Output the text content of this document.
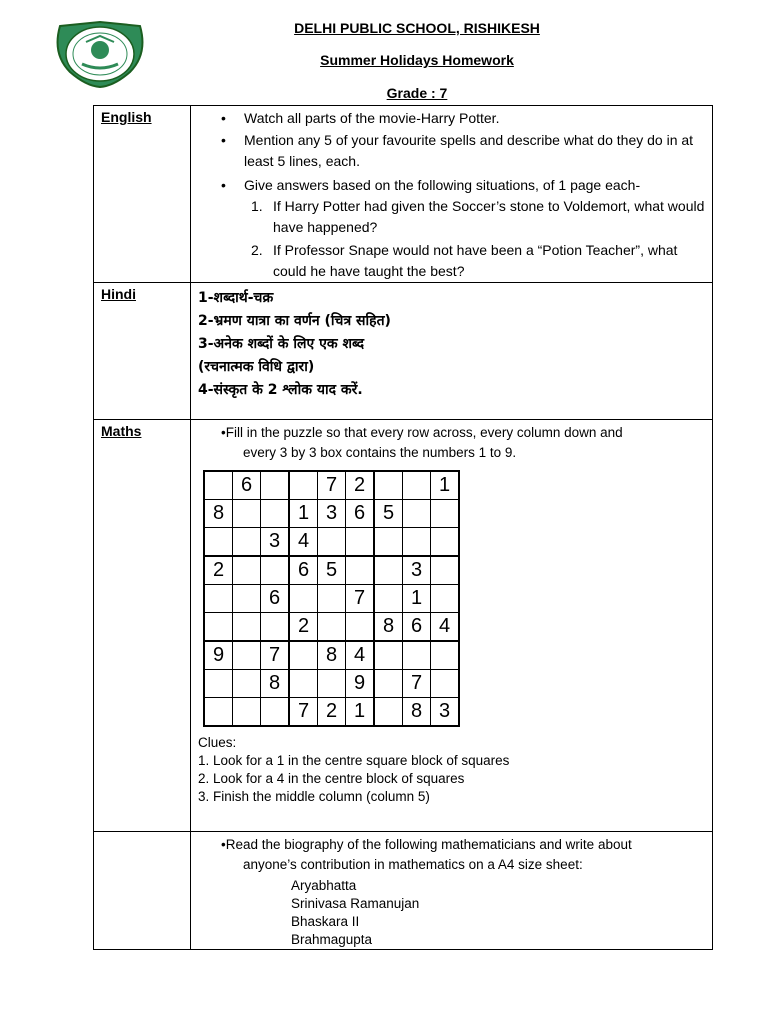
DELHI PUBLIC SCHOOL, RISHIKESH
Summer Holidays Homework
Grade : 7
English	•	Watch all parts of the movie-Harry Potter.
•	Mention any 5 of your favourite spells and describe what do they do in at least 5 lines, each.
•	Give answers based on the following situations, of 1 page each-
1. If Harry Potter had given the Soccer’s stone to Voldemort, what would have happened?
2. If Professor Snape would not have been a “Potion Teacher”, what could he have taught the best?

Hindi	1-शब्दार्थ-चक्र
2-भ्रमण यात्रा का वर्णन (चित्र सहित)
3-अनेक शब्दों के लिए एक शब्द
(रचनात्मक विधि द्वारा)
4-संस्कृत के 2 श्लोक याद करें.

Maths	•Fill in the puzzle so that every row across, every column down and
every 3 by 3 box contains the numbers 1 to 9.
	6			7	2			1
8			1	3	6	5		
		3	4					
2			6	5			3	
		6			7		1	
			2			8	6	4
9		7		8	4			
		8			9		7	
			7	2	1		8	3
Clues:
1. Look for a 1 in the centre square block of squares
2. Look for a 4 in the centre block of squares
3. Finish the middle column (column 5)

•Read the biography of the following mathematicians and write about
anyone’s contribution in mathematics on a A4 size sheet:
Aryabhatta
Srinivasa Ramanujan
Bhaskara II
Brahmagupta
